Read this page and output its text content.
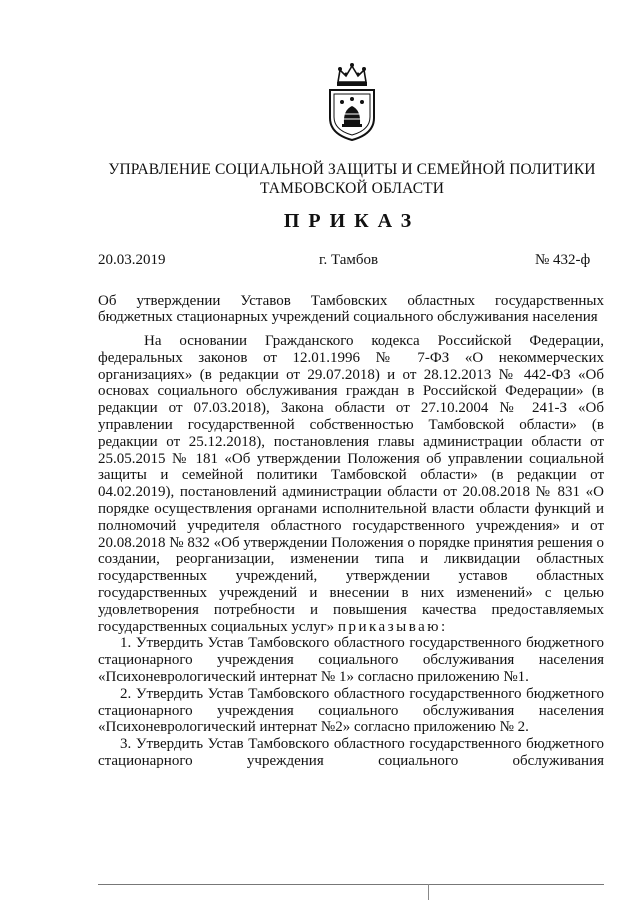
УПРАВЛЕНИЕ СОЦИАЛЬНОЙ ЗАЩИТЫ И СЕМЕЙНОЙ ПОЛИТИКИ
ТАМБОВСКОЙ ОБЛАСТИ
ПРИКАЗ
20.03.2019	г. Тамбов	№ 432-ф
Об утверждении Уставов Тамбовских областных государственных
бюджетных стационарных учреждений социального обслуживания населения

На основании Гражданского кодекса Российской Федерации, федеральных законов от 12.01.1996 № 7-ФЗ «О некоммерческих организациях» (в редакции от 29.07.2018) и от 28.12.2013 № 442-ФЗ «Об основах социального обслуживания граждан в Российской Федерации» (в редакции от 07.03.2018), Закона области от 27.10.2004 № 241-З «Об управлении государственной собственностью Тамбовской области» (в редакции от 25.12.2018), постановления главы администрации области от 25.05.2015 № 181 «Об утверждении Положения об управлении социальной защиты и семейной политики Тамбовской области» (в редакции от 04.02.2019), постановлений администрации области от 20.08.2018 № 831 «О порядке осуществления органами исполнительной власти области функций и полномочий учредителя областного государственного учреждения» и от 20.08.2018 № 832 «Об утверждении Положения о порядке принятия решения о создании, реорганизации, изменении типа и ликвидации областных государственных учреждений, утверждении уставов областных государственных учреждений и внесении в них изменений» с целью удовлетворения потребности и повышения качества предоставляемых государственных социальных услуг» приказываю:

1. Утвердить Устав Тамбовского областного государственного бюджетного стационарного учреждения социального обслуживания населения «Психоневрологический интернат № 1» согласно приложению №1.

2. Утвердить Устав Тамбовского областного государственного бюджетного стационарного учреждения социального обслуживания населения «Психоневрологический интернат №2» согласно приложению № 2.

3. Утвердить Устав Тамбовского областного государственного бюджетного стационарного учреждения социального обслуживания
